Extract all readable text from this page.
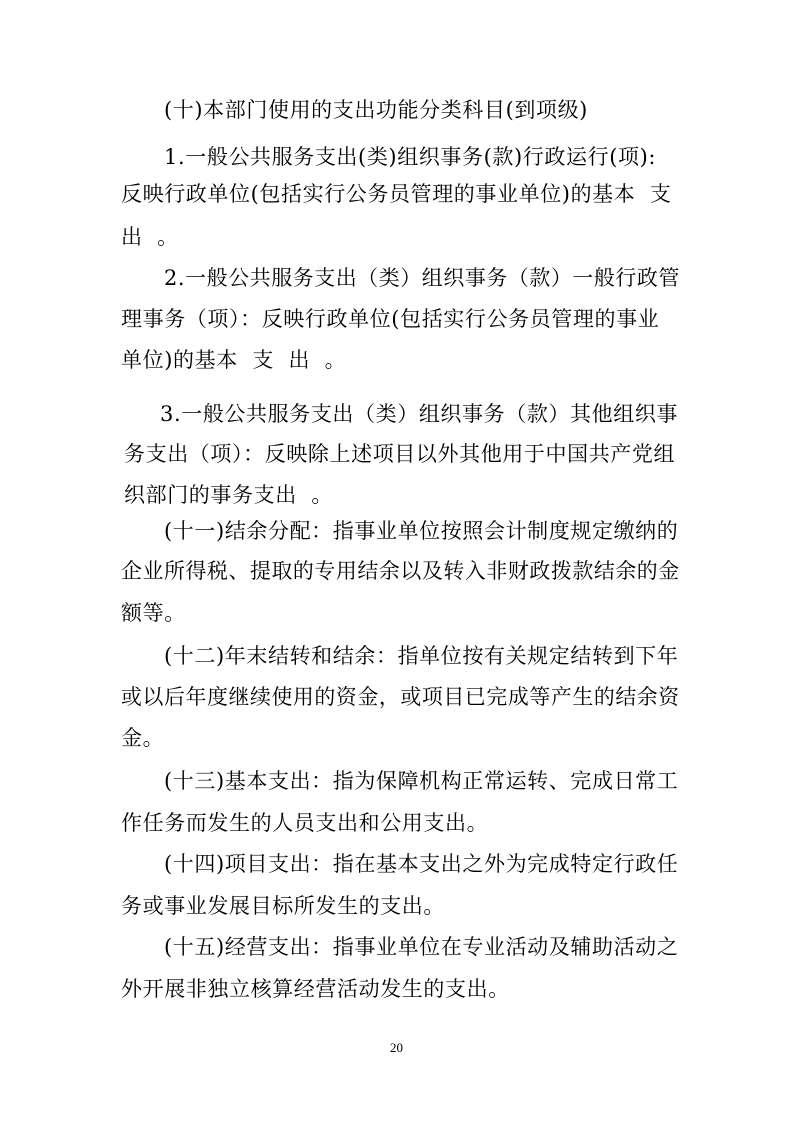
(十)本部门使用的支出功能分类科目(到项级)
1.一般公共服务支出(类)组织事务(款)行政运行(项):
反映行政单位(包括实行公务员管理的事业单位)的基本  支
出  。
2.一般公共服务支出（类）组织事务（款）一般行政管
理事务（项）：反映行政单位(包括实行公务员管理的事业
单位)的基本  支  出  。
3.一般公共服务支出（类）组织事务（款）其他组织事
务支出（项）：反映除上述项目以外其他用于中国共产党组
织部门的事务支出  。
(十一)结余分配：指事业单位按照会计制度规定缴纳的
企业所得税、提取的专用结余以及转入非财政拨款结余的金
额等。
(十二)年末结转和结余：指单位按有关规定结转到下年
或以后年度继续使用的资金，或项目已完成等产生的结余资
金。
(十三)基本支出：指为保障机构正常运转、完成日常工
作任务而发生的人员支出和公用支出。
(十四)项目支出：指在基本支出之外为完成特定行政任
务或事业发展目标所发生的支出。
(十五)经营支出：指事业单位在专业活动及辅助活动之
外开展非独立核算经营活动发生的支出。
20
